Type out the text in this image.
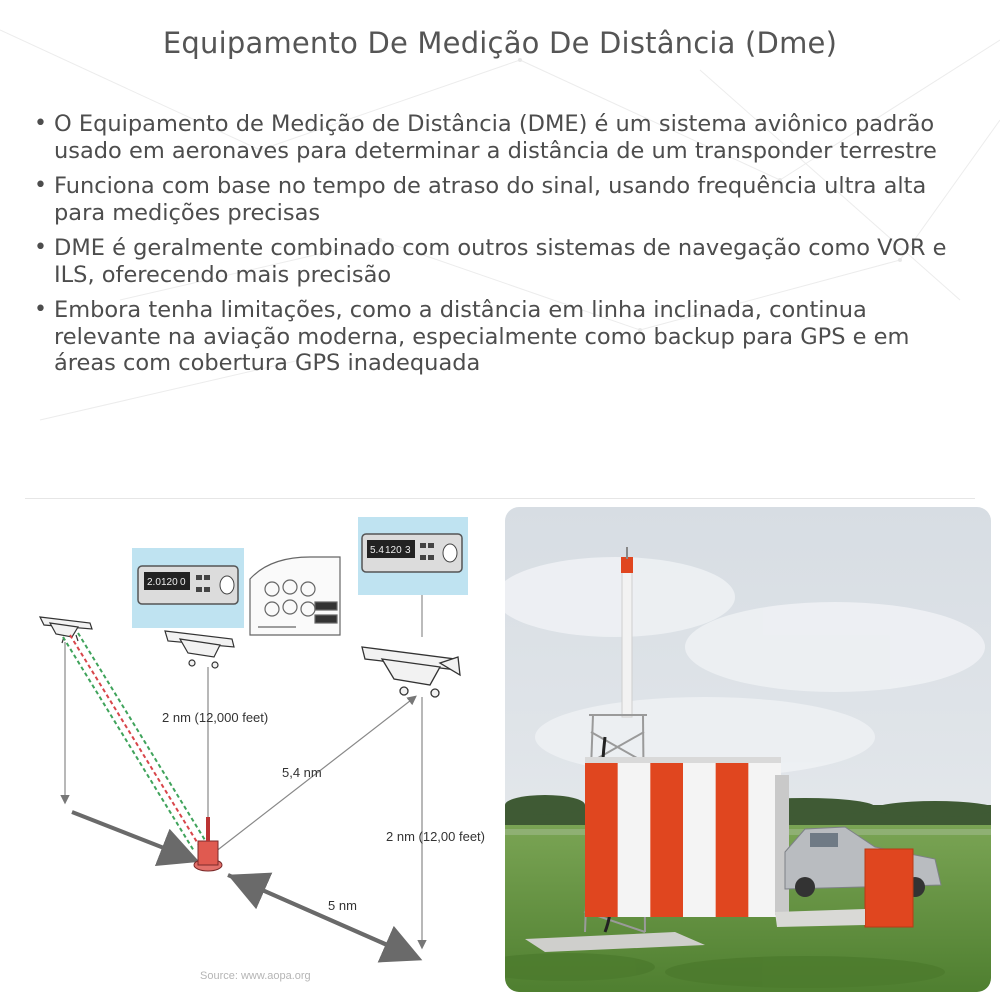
Equipamento De Medição De Distância (Dme)
• O Equipamento de Medição de Distância (DME) é um sistema aviônico padrão usado em aeronaves para determinar a distância de um transponder terrestre
• Funciona com base no tempo de atraso do sinal, usando frequência ultra alta para medições precisas
• DME é geralmente combinado com outros sistemas de navegação como VOR e ILS, oferecendo mais precisão
• Embora tenha limitações, como a distância em linha inclinada, continua relevante na aviação moderna, especialmente como backup para GPS e em áreas com cobertura GPS inadequada
2.0 120 0
5.4 120 3
2 nm (12,000 feet)
5,4 nm
2 nm (12,00 feet)
5 nm
Source: www.aopa.org
